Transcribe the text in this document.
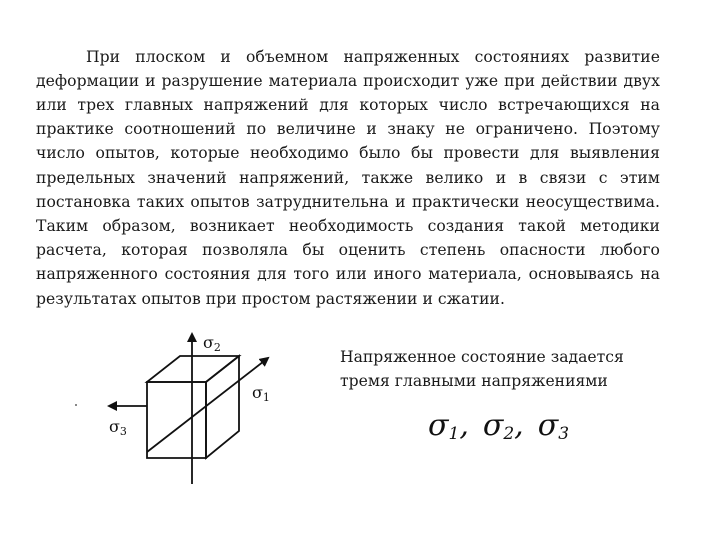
При плоском и объемном напряженных состояниях развитие деформации и разрушение материала происходит уже при действии двух или трех главных напряжений для которых число встречающихся на практике соотношений по величине и знаку не ограничено. Поэтому число опытов, которые необходимо было бы провести для выявления предельных значений напряжений, также велико и в связи с этим постановка таких опытов затруднительна и практически неосуществима. Таким образом, возникает необходимость создания такой методики расчета, которая позволяла бы оценить степень опасности любого напряженного состояния для того или иного материала, основываясь на результатах опытов при простом растяжении и сжатии.

σ2
σ1
σ3

Напряженное состояние задается тремя главными напряжениями

$\sigma_1$, $\sigma_2$, $\sigma_3$
